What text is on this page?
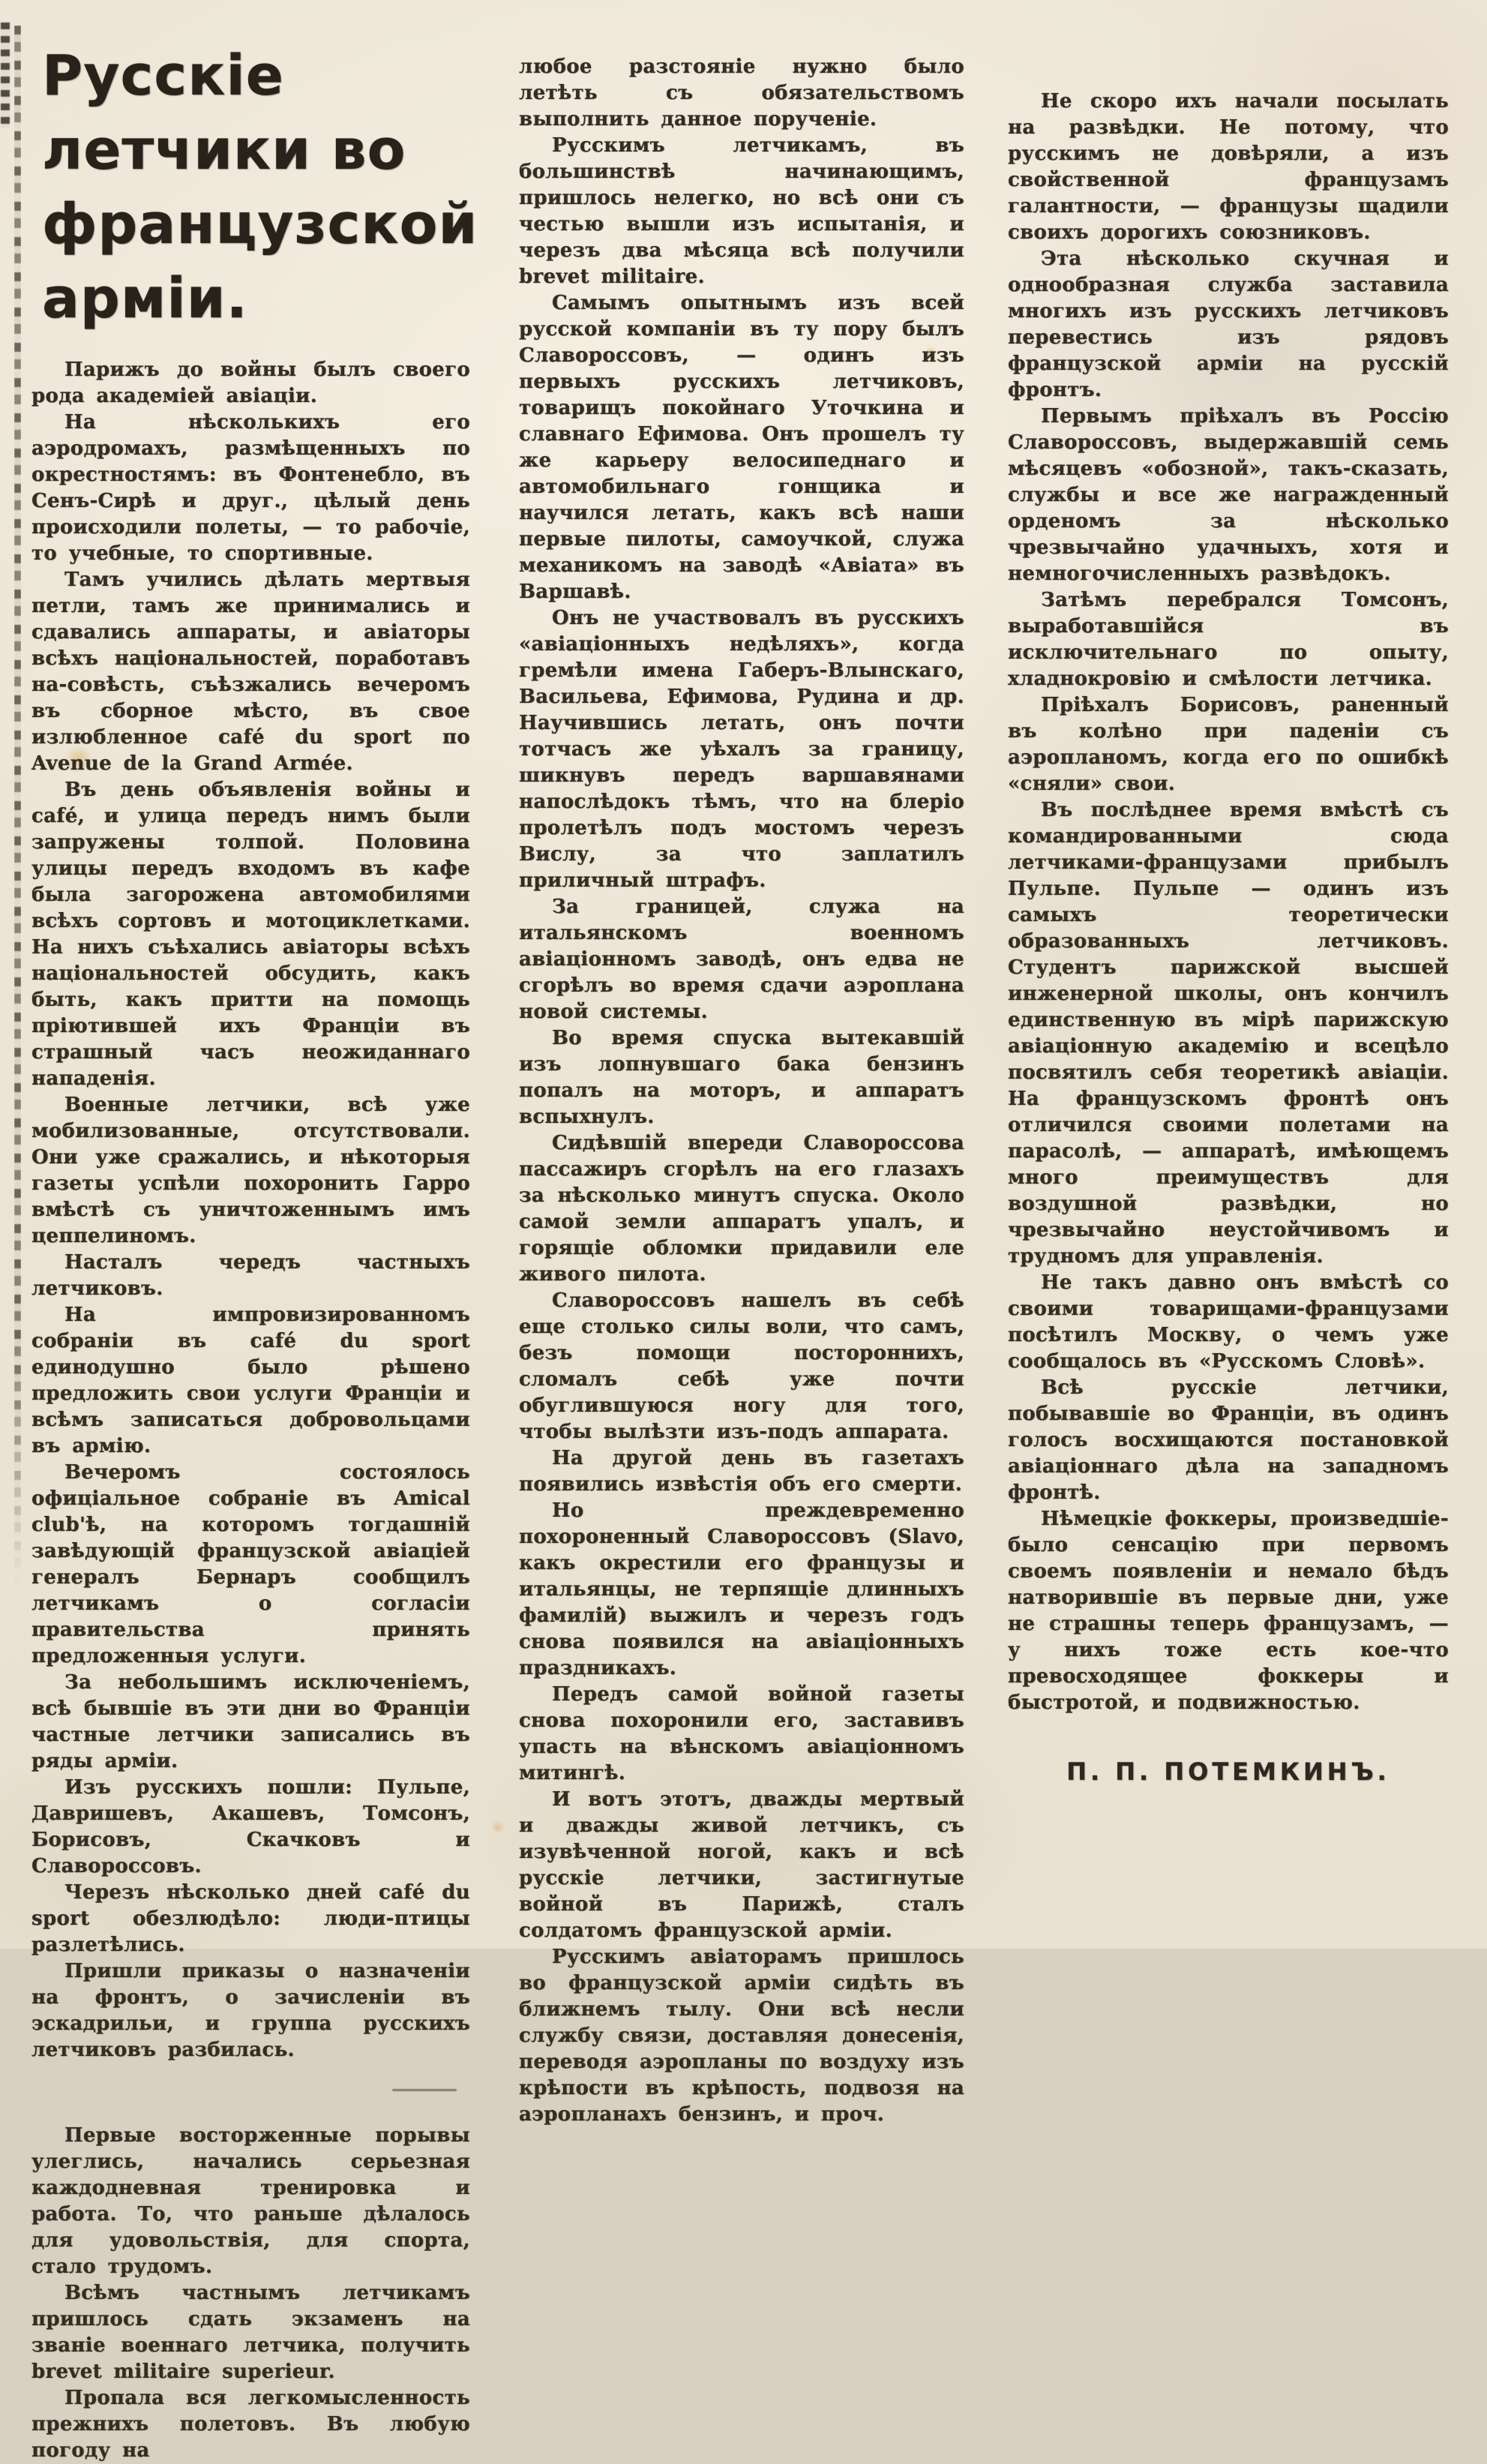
Русскіе летчики во
французской арміи.

Парижъ до войны былъ своего рода академіей авіаціи.

На нѣсколькихъ его аэродромахъ, размѣщенныхъ по окрестностямъ: въ Фонтенебло, въ Сенъ-Сирѣ и друг., цѣлый день происходили полеты, — то рабочіе, то учебные, то спортивные.

Тамъ учились дѣлать мертвыя петли, тамъ же принимались и сдавались аппараты, и авіаторы всѣхъ національностей, поработавъ на-совѣсть, съѣзжались вечеромъ въ сборное мѣсто, въ свое излюбленное café du sport по Avenue de la Grand Armée.

Въ день объявленія войны и café, и улица передъ нимъ были запружены толпой. Половина улицы передъ входомъ въ кафе была загорожена автомобилями всѣхъ сортовъ и мотоциклетками. На нихъ съѣхались авіаторы всѣхъ національностей обсудить, какъ быть, какъ притти на помощь пріютившей ихъ Франціи въ страшный часъ неожиданнаго нападенія.

Военные летчики, всѣ уже мобилизованные, отсутствовали. Они уже сражались, и нѣкоторыя газеты успѣли похоронить Гарро вмѣстѣ съ уничтоженнымъ имъ цеппелиномъ.

Насталъ чередъ частныхъ летчиковъ.

На импровизированномъ собраніи въ café du sport единодушно было рѣшено предложить свои услуги Франціи и всѣмъ записаться добровольцами въ армію.

Вечеромъ состоялось офиціальное собраніе въ Amical club'ѣ, на которомъ тогдашній завѣдующій французской авіаціей генералъ Бернаръ сообщилъ летчикамъ о согласіи правительства принять предложенныя услуги.

За небольшимъ исключеніемъ, всѣ бывшіе въ эти дни во Франціи частные летчики записались въ ряды арміи.

Изъ русскихъ пошли: Пульпе, Давришевъ, Акашевъ, Томсонъ, Борисовъ, Скачковъ и Славороссовъ.

Черезъ нѣсколько дней café du sport обезлюдѣло: люди-птицы разлетѣлись.

Пришли приказы о назначеніи на фронтъ, о зачисленіи въ эскадрильи, и группа русскихъ летчиковъ разбилась.

Первые восторженные порывы улеглись, начались серьезная каждодневная тренировка и работа. То, что раньше дѣлалось для удовольствія, для спорта, стало трудомъ.

Всѣмъ частнымъ летчикамъ пришлось сдать экзаменъ на званіе военнаго летчика, получить brevet militaire superieur.

Пропала вся легкомысленность прежнихъ полетовъ. Въ любую погоду на

любое разстояніе нужно было летѣть съ обязательствомъ выполнить данное порученіе.

Русскимъ летчикамъ, въ большинствѣ начинающимъ, пришлось нелегко, но всѣ они съ честью вышли изъ испытанія, и черезъ два мѣсяца всѣ получили brevet militaire.

Самымъ опытнымъ изъ всей русской компаніи въ ту пору былъ Славороссовъ, — одинъ изъ первыхъ русскихъ летчиковъ, товарищъ покойнаго Уточкина и славнаго Ефимова. Онъ прошелъ ту же карьеру велосипеднаго и автомобильнаго гонщика и научился летать, какъ всѣ наши первые пилоты, самоучкой, служа механикомъ на заводѣ «Авіата» въ Варшавѣ.

Онъ не участвовалъ въ русскихъ «авіаціонныхъ недѣляхъ», когда гремѣли имена Габеръ-Влынскаго, Васильева, Ефимова, Рудина и др. Научившись летать, онъ почти тотчасъ же уѣхалъ за границу, шикнувъ передъ варшавянами напослѣдокъ тѣмъ, что на блеріо пролетѣлъ подъ мостомъ черезъ Вислу, за что заплатилъ приличный штрафъ.

За границей, служа на итальянскомъ военномъ авіаціонномъ заводѣ, онъ едва не сгорѣлъ во время сдачи аэроплана новой системы.

Во время спуска вытекавшій изъ лопнувшаго бака бензинъ попалъ на моторъ, и аппаратъ вспыхнулъ.

Сидѣвшій впереди Славороссова пассажиръ сгорѣлъ на его глазахъ за нѣсколько минутъ спуска. Около самой земли аппаратъ упалъ, и горящіе обломки придавили еле живого пилота.

Славороссовъ нашелъ въ себѣ еще столько силы воли, что самъ, безъ помощи постороннихъ, сломалъ себѣ уже почти обуглившуюся ногу для того, чтобы вылѣзти изъ-подъ аппарата.

На другой день въ газетахъ появились извѣстія объ его смерти.

Но преждевременно похороненный Славороссовъ (Slavo, какъ окрестили его французы и итальянцы, не терпящіе длинныхъ фамилій) выжилъ и черезъ годъ снова появился на авіаціонныхъ праздникахъ.

Передъ самой войной газеты снова похоронили его, заставивъ упасть на вѣнскомъ авіаціонномъ митингѣ.

И вотъ этотъ, дважды мертвый и дважды живой летчикъ, съ изувѣченной ногой, какъ и всѣ русскіе летчики, застигнутые войной въ Парижѣ, сталъ солдатомъ французской арміи.

Русскимъ авіаторамъ пришлось во французской арміи сидѣть въ ближнемъ тылу. Они всѣ несли службу связи, доставляя донесенія, переводя аэропланы по воздуху изъ крѣпости въ крѣпость, подвозя на аэропланахъ бензинъ, и проч.

Не скоро ихъ начали посылать на развѣдки. Не потому, что русскимъ не довѣряли, а изъ свойственной французамъ галантности, — французы щадили своихъ дорогихъ союзниковъ.

Эта нѣсколько скучная и однообразная служба заставила многихъ изъ русскихъ летчиковъ перевестись изъ рядовъ французской арміи на русскій фронтъ.

Первымъ пріѣхалъ въ Россію Славороссовъ, выдержавшій семь мѣсяцевъ «обозной», такъ-сказать, службы и все же награжденный орденомъ за нѣсколько чрезвычайно удачныхъ, хотя и немногочисленныхъ развѣдокъ.

Затѣмъ перебрался Томсонъ, выработавшійся въ исключительнаго по опыту, хладнокровію и смѣлости летчика.

Пріѣхалъ Борисовъ, раненный въ колѣно при паденіи съ аэропланомъ, когда его по ошибкѣ «сняли» свои.

Въ послѣднее время вмѣстѣ съ командированными сюда летчиками-французами прибылъ Пульпе. Пульпе — одинъ изъ самыхъ теоретически образованныхъ летчиковъ. Студентъ парижской высшей инженерной школы, онъ кончилъ единственную въ мірѣ парижскую авіаціонную академію и всецѣло посвятилъ себя теоретикѣ авіаціи. На французскомъ фронтѣ онъ отличился своими полетами на парасолѣ, — аппаратѣ, имѣющемъ много преимуществъ для воздушной развѣдки, но чрезвычайно неустойчивомъ и трудномъ для управленія.

Не такъ давно онъ вмѣстѣ со своими товарищами-французами посѣтилъ Москву, о чемъ уже сообщалось въ «Русскомъ Словѣ».

Всѣ русскіе летчики, побывавшіе во Франціи, въ одинъ голосъ восхищаются постановкой авіаціоннаго дѣла на западномъ фронтѣ.

Нѣмецкіе фоккеры, произведшіе-было сенсацію при первомъ своемъ появленіи и немало бѣдъ натворившіе въ первые дни, уже не страшны теперь французамъ, — у нихъ тоже есть кое-что превосходящее фоккеры и быстротой, и подвижностью.

П. П. ПОТЕМКИНЪ.
